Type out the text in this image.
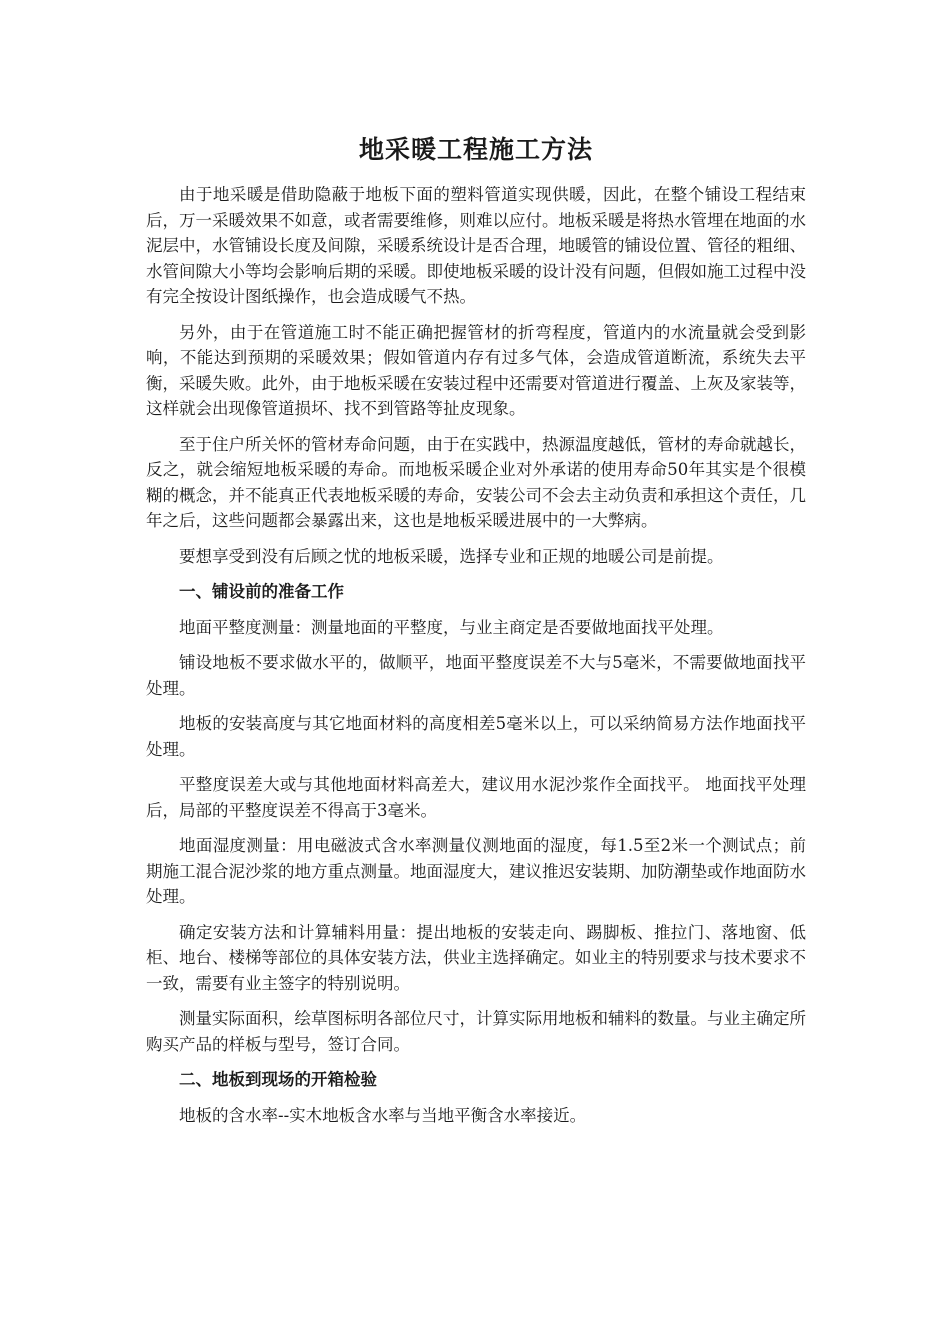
地采暖工程施工方法

由于地采暖是借助隐蔽于地板下面的塑料管道实现供暖，因此，在整个铺设工程结束后，万一采暖效果不如意，或者需要维修，则难以应付。地板采暖是将热水管埋在地面的水泥层中，水管铺设长度及间隙，采暖系统设计是否合理，地暖管的铺设位置、管径的粗细、水管间隙大小等均会影响后期的采暖。即使地板采暖的设计没有问题，但假如施工过程中没有完全按设计图纸操作，也会造成暖气不热。

另外，由于在管道施工时不能正确把握管材的折弯程度，管道内的水流量就会受到影响，不能达到预期的采暖效果；假如管道内存有过多气体，会造成管道断流，系统失去平衡，采暖失败。此外，由于地板采暖在安装过程中还需要对管道进行覆盖、上灰及家装等，这样就会出现像管道损坏、找不到管路等扯皮现象。

至于住户所关怀的管材寿命问题，由于在实践中，热源温度越低，管材的寿命就越长，反之，就会缩短地板采暖的寿命。而地板采暖企业对外承诺的使用寿命50年其实是个很模糊的概念，并不能真正代表地板采暖的寿命，安装公司不会去主动负责和承担这个责任，几年之后，这些问题都会暴露出来，这也是地板采暖进展中的一大弊病。

要想享受到没有后顾之忧的地板采暖，选择专业和正规的地暖公司是前提。

一、铺设前的准备工作

地面平整度测量：测量地面的平整度，与业主商定是否要做地面找平处理。

铺设地板不要求做水平的，做顺平，地面平整度误差不大与5毫米，不需要做地面找平处理。

地板的安装高度与其它地面材料的高度相差5毫米以上，可以采纳简易方法作地面找平处理。

平整度误差大或与其他地面材料高差大，建议用水泥沙浆作全面找平。 地面找平处理后，局部的平整度误差不得高于3毫米。

地面湿度测量：用电磁波式含水率测量仪测地面的湿度，每1.5至2米一个测试点；前期施工混合泥沙浆的地方重点测量。地面湿度大，建议推迟安装期、加防潮垫或作地面防水处理。

确定安装方法和计算辅料用量：提出地板的安装走向、踢脚板、推拉门、落地窗、低柜、地台、楼梯等部位的具体安装方法，供业主选择确定。如业主的特别要求与技术要求不一致，需要有业主签字的特别说明。

测量实际面积，绘草图标明各部位尺寸，计算实际用地板和辅料的数量。与业主确定所购买产品的样板与型号，签订合同。

二、地板到现场的开箱检验

地板的含水率--实木地板含水率与当地平衡含水率接近。
